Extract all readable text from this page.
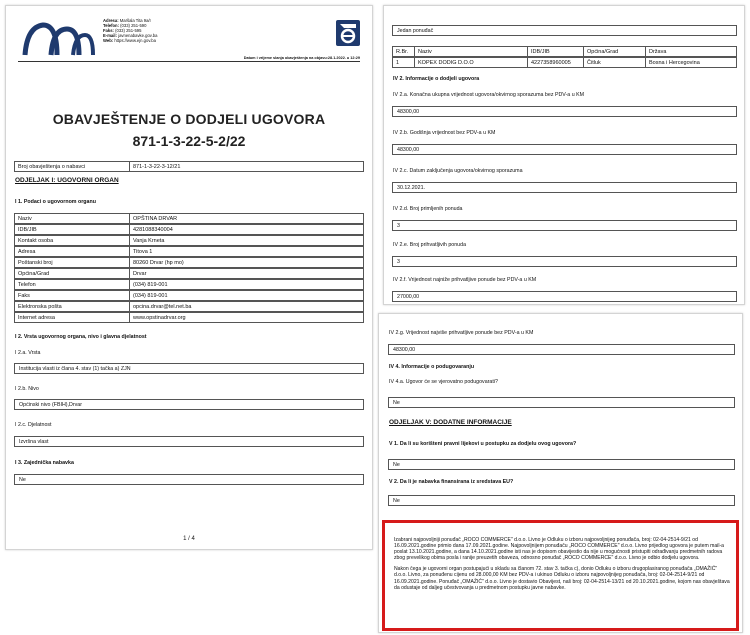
Adresa: Maršala Tita 9a/I
Telefon: (033) 251-590
Faks: (033) 251-595
E-mail: javnenabavke.gov.ba
Web: https://www.ejn.gov.ba
Datum i vrijeme slanja obavještenja na objavu:28.1.2022. u 12:29
OBAVJEŠTENJE O DODJELI UGOVORA
871-1-3-22-5-2/22
Broj obavještenja o nabavci	871-1-3-22-3-12/21
ODJELJAK I: UGOVORNI ORGAN
I 1. Podaci o ugovornom organu
Naziv	OPŠTINA DRVAR
IDB/JIB	4281088340004
Kontakt osoba	Vanja Krneta
Adresa	Titova 1
Poštanski broj	80260 Drvar (hp mo)
Općina/Grad	Drvar
Telefon	(034) 819-001
Faks	(034) 819-001
Elektronska pošta	opcina.drvar@tel.net.ba
Internet adresa	www.opstinadrvar.org
I 2. Vrsta ugovornog organa, nivo i glavna djelatnost
I 2.a. Vrsta
Institucija vlasti iz člana 4. stav (1) tačka a) ZJN
I 2.b. Nivo
Općinski nivo (FBIH),Drvar
I 2.c. Djelatnost
Izvršna vlast
I 3. Zajednička nabavka
Ne
1 / 4
Jedan ponuđač
R.Br.	Naziv	IDB/JIB	Općina/Grad	Država
1	KOPEX DODIG D.O.O	4227358960005	Čitluk	Bosna i Hercegovina
IV 2. Informacije o dodjeli ugovora
IV 2.a. Konačna ukupna vrijednost ugovora/okvirnog sporazuma bez PDV-a u KM
48300,00
IV 2.b. Godišnja vrijednost bez PDV-a u KM
48300,00
IV 2.c. Datum zaključenja ugovora/okvirnog sporazuma
30.12.2021.
IV 2.d. Broj primljenih ponuda
3
IV 2.e. Broj prihvatljivih ponuda
3
IV 2.f. Vrijednost najniže prihvatljive ponude bez PDV-a u KM
27000,00
IV 2.g. Vrijednost najviše prihvatljive ponude bez PDV-a u KM
48300,00
IV 4. Informacije o podugovaranju
IV 4.a. Ugovor će se vjerovatno podugovarati?
Ne
ODJELJAK V: DODATNE INFORMACIJE
V 1. Da li su korišteni pravni lijekovi u postupku za dodjelu ovog ugovora?
Ne
V 2. Da li je nabavka finansirana iz sredstava EU?
Ne

Izabrani najpovoljniji ponuđač „ROCO COMMERCE" d.o.o. Livno je Odluku o izboru najpovoljnijeg ponuđača, broj: 02-04-2514-9/21 od 16.09.2021.godine primio dana 17.09.2021.godine. Najpovoljnijem ponuđaču „ROCO COMMERCE" d.o.o. Livno prijedlog ugovora je putem mail-a poslat 13.10.2021.godine, a dana 14.10.2021.godine isti nas je dopisom obavijestio da nije u mogućnosti pristupiti odrađivanju predmetnih radova zbog prevelikog obima posla i ranije preuzetih obaveza, odnosno ponuđač „ROCO COMMERCE" d.o.o. Livno je odbio dodjelu ugovora.

Nakon čega je ugovorni organ postupajući u skladu sa članom 72. stav 3. tačka c), donio Odluku o izboru drugoplasiranog ponuđača „OMAŽIĆ" d.o.o. Livno, za ponuđenu cijenu od 28.000,00 KM bez PDV-a i ukinuo Odluku o izboru najpovoljnijeg ponuđača, broj: 02-04-2514-9/21 od 16.09.2021.godine. Ponuđač „OMAŽIĆ" d.o.o. Livno je dostavio Obavijest, naš broj: 02-04-2514-13/21 od 20.10.2021.godine, kojom nas obavještava da odustaje od daljeg učestvovanja u predmetnom postupku javne nabavke.
